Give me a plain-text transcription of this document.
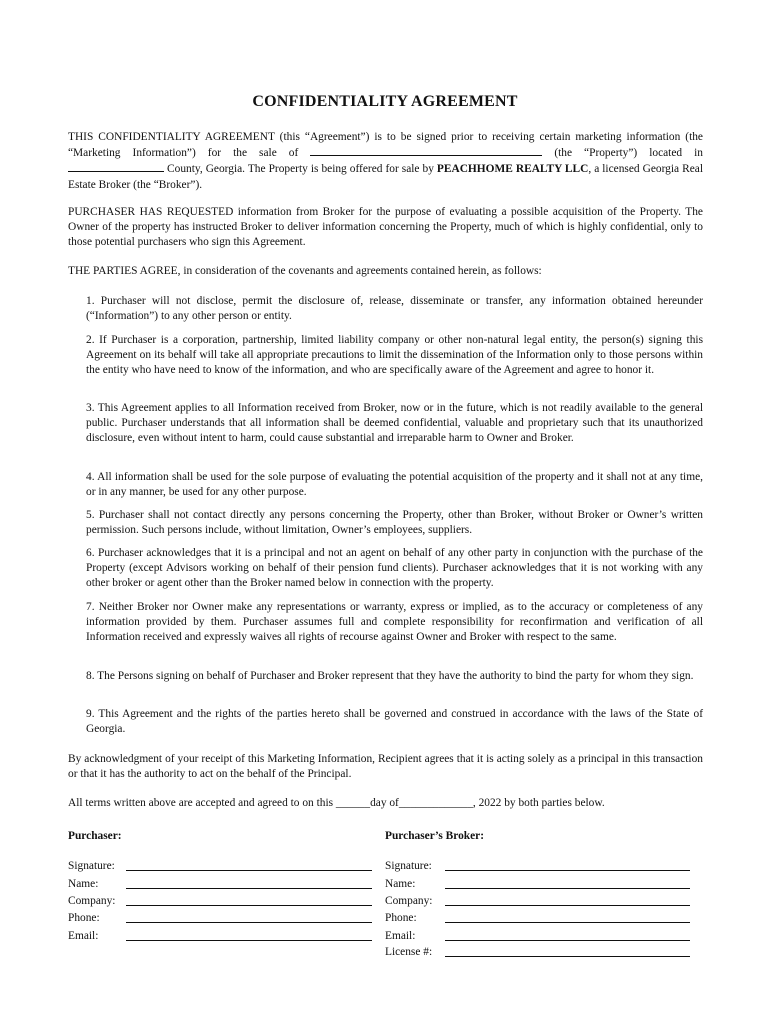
CONFIDENTIALITY AGREEMENT
THIS CONFIDENTIALITY AGREEMENT (this “Agreement”) is to be signed prior to receiving certain marketing information (the “Marketing Information”) for the sale of	(the “Property”) located in  County, Georgia. The Property is being offered for sale by PEACHHOME REALTY LLC, a licensed Georgia Real Estate Broker (the “Broker”).
PURCHASER HAS REQUESTED information from Broker for the purpose of evaluating a possible acquisition of the Property. The Owner of the property has instructed Broker to deliver information concerning the Property, much of which is highly confidential, only to those potential purchasers who sign this Agreement.
THE PARTIES AGREE, in consideration of the covenants and agreements contained herein, as follows:
1. Purchaser will not disclose, permit the disclosure of, release, disseminate or transfer, any information obtained hereunder (“Information”) to any other person or entity.
2. If Purchaser is a corporation, partnership, limited liability company or other non-natural legal entity, the person(s) signing this Agreement on its behalf will take all appropriate precautions to limit the dissemination of the Information only to those persons within the entity who have need to know of the information, and who are specifically aware of the Agreement and agree to honor it.
3. This Agreement applies to all Information received from Broker, now or in the future, which is not readily available to the general public. Purchaser understands that all information shall be deemed confidential, valuable and proprietary such that its unauthorized disclosure, even without intent to harm, could cause substantial and irreparable harm to Owner and Broker.
4. All information shall be used for the sole purpose of evaluating the potential acquisition of the property and it shall not at any time, or in any manner, be used for any other purpose.
5. Purchaser shall not contact directly any persons concerning the Property, other than Broker, without Broker or Owner’s written permission. Such persons include, without limitation, Owner’s employees, suppliers.
6. Purchaser acknowledges that it is a principal and not an agent on behalf of any other party in conjunction with the purchase of the Property (except Advisors working on behalf of their pension fund clients). Purchaser acknowledges that it is not working with any other broker or agent other than the Broker named below in connection with the property.
7. Neither Broker nor Owner make any representations or warranty, express or implied, as to the accuracy or completeness of any information provided by them. Purchaser assumes full and complete responsibility for reconfirmation and verification of all Information received and expressly waives all rights of recourse against Owner and Broker with respect to the same.
8. The Persons signing on behalf of Purchaser and Broker represent that they have the authority to bind the party for whom they sign.
9. This Agreement and the rights of the parties hereto shall be governed and construed in accordance with the laws of the State of Georgia.
By acknowledgment of your receipt of this Marketing Information, Recipient agrees that it is acting solely as a principal in this transaction or that it has the authority to act on the behalf of the Principal.
All terms written above are accepted and agreed to on this ______day of_____________, 2022 by both parties below.
Purchaser:
Signature:
Name:
Company:
Phone:
Email:
Purchaser’s Broker:
Signature:
Name:
Company:
Phone:
Email:
License #:
